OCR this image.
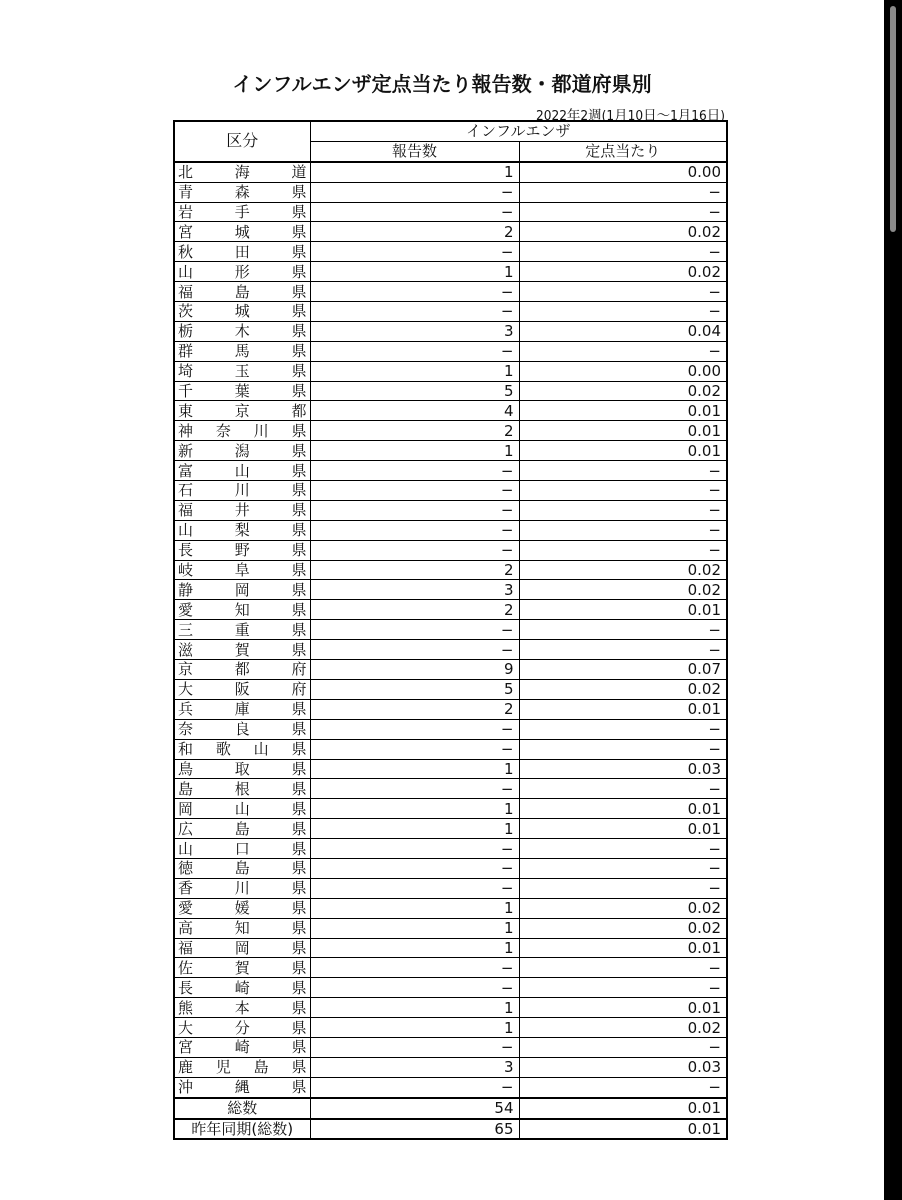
インフルエンザ定点当たり報告数・都道府県別
2022年2週(1月10日～1月16日)
区分	インフルエンザ	
	報告数	定点当たり

北 海 道	1	0.00

青 森 県	−	−

岩 手 県	−	−

宮 城 県	2	0.02

秋 田 県	−	−

山 形 県	1	0.02

福 島 県	−	−

茨 城 県	−	−

栃 木 県	3	0.04

群 馬 県	−	−

埼 玉 県	1	0.00

千 葉 県	5	0.02

東 京 都	4	0.01

神 奈 川 県	2	0.01

新 潟 県	1	0.01

富 山 県	−	−

石 川 県	−	−

福 井 県	−	−

山 梨 県	−	−

長 野 県	−	−

岐 阜 県	2	0.02

静 岡 県	3	0.02

愛 知 県	2	0.01

三 重 県	−	−

滋 賀 県	−	−

京 都 府	9	0.07

大 阪 府	5	0.02

兵 庫 県	2	0.01

奈 良 県	−	−

和 歌 山 県	−	−

鳥 取 県	1	0.03

島 根 県	−	−

岡 山 県	1	0.01

広 島 県	1	0.01

山 口 県	−	−

徳 島 県	−	−

香 川 県	−	−

愛 媛 県	1	0.02

高 知 県	1	0.02

福 岡 県	1	0.01

佐 賀 県	−	−

長 崎 県	−	−

熊 本 県	1	0.01

大 分 県	1	0.02

宮 崎 県	−	−

鹿 児 島 県	3	0.03

沖 縄 県	−	−
総数	54	0.01
昨年同期(総数)	65	0.01
